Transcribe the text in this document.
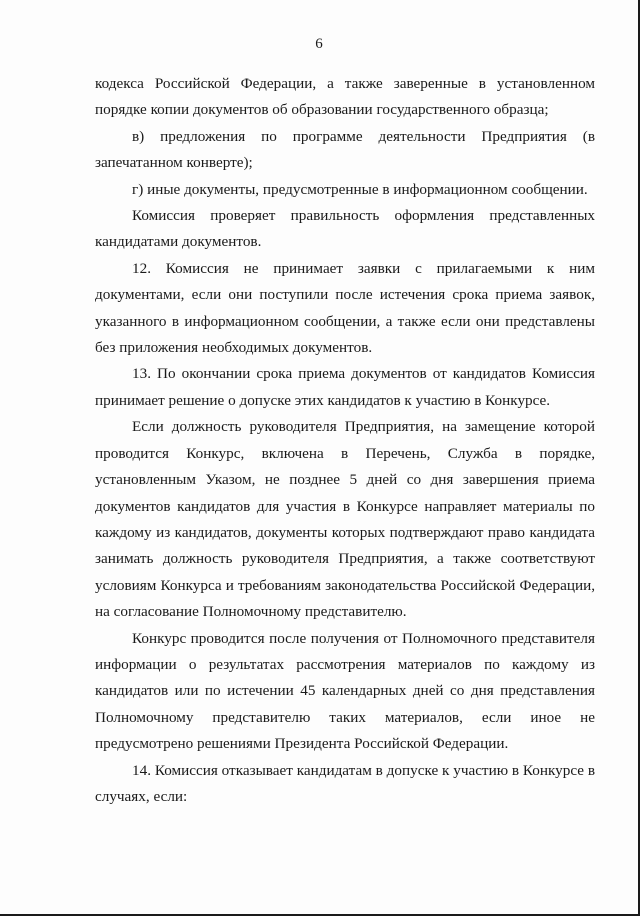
6

кодекса Российской Федерации, а также заверенные в установленном порядке копии документов об образовании государственного образца;

в) предложения по программе деятельности Предприятия (в запечатанном конверте);

г) иные документы, предусмотренные в информационном сообщении.

Комиссия проверяет правильность оформления представленных кандидатами документов.

12. Комиссия не принимает заявки с прилагаемыми к ним документами, если они поступили после истечения срока приема заявок, указанного в информационном сообщении, а также если они представлены без приложения необходимых документов.

13. По окончании срока приема документов от кандидатов Комиссия принимает решение о допуске этих кандидатов к участию в Конкурсе.

Если должность руководителя Предприятия, на замещение которой проводится Конкурс, включена в Перечень, Служба в порядке, установленным Указом, не позднее 5 дней со дня завершения приема документов кандидатов для участия в Конкурсе направляет материалы по каждому из кандидатов, документы которых подтверждают право кандидата занимать должность руководителя Предприятия, а также соответствуют условиям Конкурса и требованиям законодательства Российской Федерации, на согласование Полномочному представителю.

Конкурс проводится после получения от Полномочного представителя информации о результатах рассмотрения материалов по каждому из кандидатов или по истечении 45 календарных дней со дня представления Полномочному представителю таких материалов, если иное не предусмотрено решениями Президента Российской Федерации.

14. Комиссия отказывает кандидатам в допуске к участию в Конкурсе в случаях, если:
